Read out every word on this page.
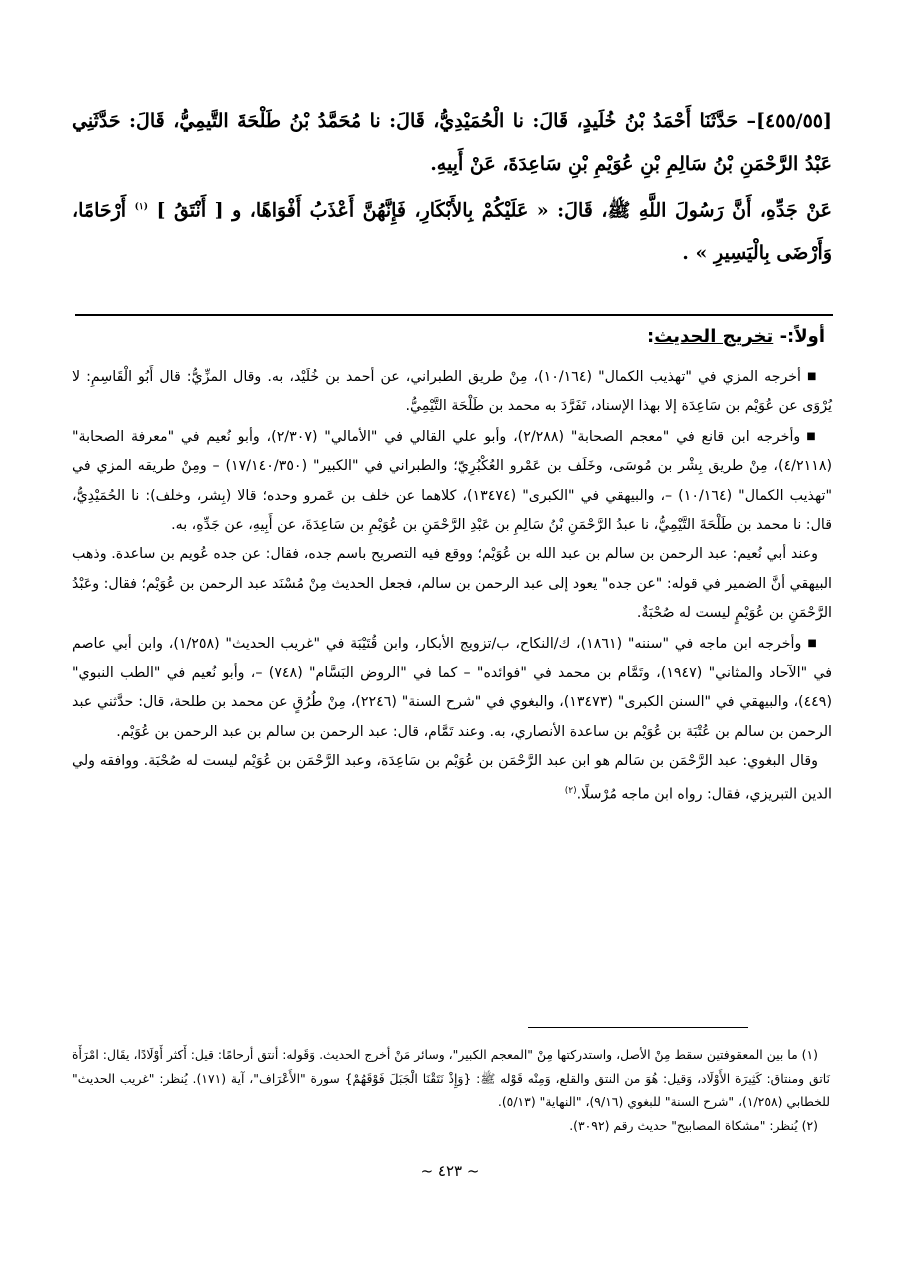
[٤٥٥/٥٥]– حَدَّثَنَا أَحْمَدُ بْنُ خُلَيدٍ، قَالَ: نا الْحُمَيْدِيُّ، قَالَ: نا مُحَمَّدُ بْنُ طَلْحَةَ التَّيمِيُّ، قَالَ: حَدَّثَنِي عَبْدُ الرَّحْمَنِ بْنُ سَالِمِ بْنِ عُوَيْمِ بْنِ سَاعِدَةَ، عَنْ أَبِيهِ.

عَنْ جَدِّهِ، أَنَّ رَسُولَ اللَّهِ ﷺ، قَالَ: « عَلَيْكُمْ بِالأَبْكَارِ، فَإِنَّهُنَّ أَعْذَبُ أَفْوَاهًا، و [ أَنْتَقُ ] $^{(١)}$ أَرْحَامًا، وَأَرْضَى بِالْيَسِيرِ » .

أولاً:- تخريج الحديث:

■أخرجه المزي في "تهذيب الكمال" (١٠/١٦٤)، مِنْ طريق الطبراني، عن أحمد بن خُلَيْد، به. وقال المزِّيُّ: قال أَبُو الْقَاسِمِ: لا يُرْوَى عن عُوَيْم بن سَاعِدَة إلا بهذا الإسناد، تَفَرَّدَ به محمد بن طَلْحَة التَّيْمِيُّ.

■وأخرجه ابن قانع في "معجم الصحابة" (٢/٢٨٨)، وأبو علي القالي في "الأمالي" (٢/٣٠٧)، وأبو نُعيم في "معرفة الصحابة" (٤/٢١١٨)، مِنْ طريق بِشْر بن مُوسَى، وخَلَف بن عَمْرو العُكْبُرِيّ؛ والطبراني في "الكبير" (١٧/١٤٠/٣٥٠) – ومِنْ طريقه المزي في "تهذيب الكمال" (١٠/١٦٤) –، والبيهقي في "الكبرى" (١٣٤٧٤)، كلاهما عن خلف بن عَمرو وحده؛ قالا (بِشر، وخلف): نا الحُمَيْدِيُّ، قال: نا محمد بن طَلْحَةَ التَّيْمِيُّ، نا عبدُ الرَّحْمَنِ بْنُ سَالِمِ بن عَبْدِ الرَّحْمَنِ بن عُوَيْمِ بن سَاعِدَةَ، عن أَبِيهِ، عن جَدِّهِ، به.

وعند أبي نُعيم: عبد الرحمن بن سالم بن عبد الله بن عُوَيْم؛ ووقع فيه التصريح باسم جده، فقال: عن جده عُويم بن ساعدة. وذهب البيهقي أنَّ الضمير في قوله: "عن جده" يعود إلى عبد الرحمن بن سالم، فجعل الحديث مِنْ مُسْنَد عبد الرحمن بن عُوَيْم؛ فقال: وعَبْدُ الرَّحْمَنِ بن عُوَيْمٍ ليست له صُحْبَةٌ.

■وأخرجه ابن ماجه في "سننه" (١٨٦١)، ك/النكاح، ب/تزويج الأبكار، وابن قُتَيْبَة في "غريب الحديث" (١/٢٥٨)، وابن أبي عاصم في "الآحاد والمثاني" (١٩٤٧)، وتَمَّام بن محمد في "فوائده" – كما في "الروض البَسَّام" (٧٤٨) –، وأبو نُعيم في "الطب النبوي" (٤٤٩)، والبيهقي في "السنن الكبرى" (١٣٤٧٣)، والبغوي في "شرح السنة" (٢٢٤٦)، مِنْ طُرُقٍ عن محمد بن طلحة، قال: حدَّثني عبد الرحمن بن سالم بن عُتْبَة بن عُوَيْم بن ساعدة الأنصاري، به. وعند تَمَّام، قال: عبد الرحمن بن سالم بن عبد الرحمن بن عُوَيْم.

وقال البغوي: عبد الرَّحْمَن بن سَالم هو ابن عبد الرَّحْمَن بن عُوَيْم بن سَاعِدَة، وعبد الرَّحْمَن بن عُوَيْم ليست له صُحْبَة. ووافقه ولي الدين التبريزي، فقال: رواه ابن ماجه مُرْسلًا.$^{(٢)}$

(١) ما بين المعقوفتين سقط مِنْ الأصل، واستدركتها مِنْ "المعجم الكبير"، وسائر مَنْ أخرج الحديث. وَقَوله: أنتق أرحامًا: قيل: أَكثر أَوْلَادًا، يقَال: امْرَأَة نَاتق ومنتاق: كَثِيرَة الأَوْلَاد، وَقيل: هُوَ من النتق والقلع، وَمِنْه قَوْله ﷺ: {وَإِذْ نَتَقْنَا الْجَبَلَ فَوْقَهُمْ} سورة "الأَعْرَاف"، آية (١٧١). يُنظر: "غريب الحديث" للخطابي (١/٢٥٨)، "شرح السنة" للبغوي (٩/١٦)، "النهاية" (٥/١٣).

(٢) يُنظر: "مشكاة المصابيح" حديث رقم (٣٠٩٢).

~ ٤٢٣ ~
